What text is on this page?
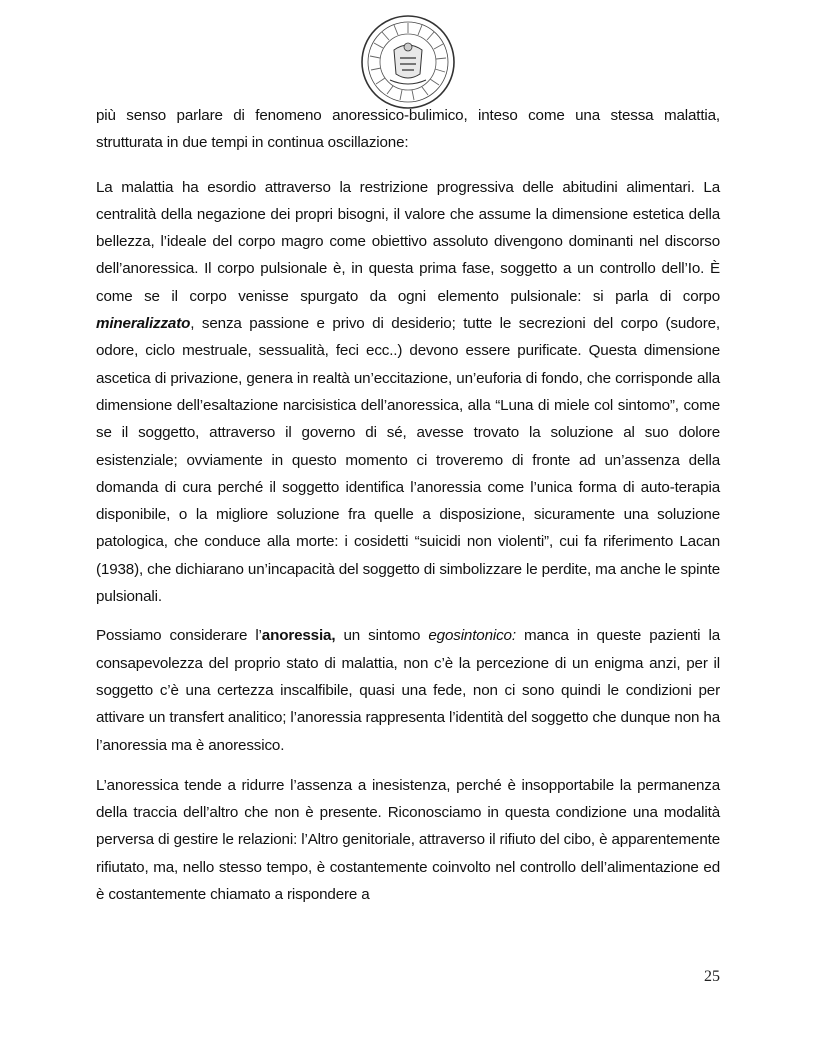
più senso parlare di fenomeno anoressico-bulimico, inteso come una stessa malattia, strutturata in due tempi in continua oscillazione:

La malattia ha esordio attraverso la restrizione progressiva delle abitudini alimentari. La centralità della negazione dei propri bisogni, il valore che assume la dimensione estetica della bellezza, l’ideale del corpo magro come obiettivo assoluto divengono dominanti nel discorso dell’anoressica. Il corpo pulsionale è, in questa prima fase, soggetto a un controllo dell’Io. È come se il corpo venisse spurgato da ogni elemento pulsionale: si parla di corpo mineralizzato, senza passione e privo di desiderio; tutte le secrezioni del corpo (sudore, odore, ciclo mestruale, sessualità, feci ecc..) devono essere purificate. Questa dimensione ascetica di privazione, genera in realtà un’eccitazione, un’euforia di fondo, che corrisponde alla dimensione dell’esaltazione narcisistica dell’anoressica, alla “Luna di miele col sintomo”, come se il soggetto, attraverso il governo di sé, avesse trovato la soluzione al suo dolore esistenziale; ovviamente in questo momento ci troveremo di fronte ad un’assenza della domanda di cura perché il soggetto identifica l’anoressia come l’unica forma di auto-terapia disponibile, o la migliore soluzione fra quelle a disposizione, sicuramente una soluzione patologica, che conduce alla morte: i cosidetti “suicidi non violenti”, cui fa riferimento Lacan (1938), che dichiarano un’incapacità del soggetto di simbolizzare le perdite, ma anche le spinte pulsionali.

Possiamo considerare l’anoressia, un sintomo egosintonico: manca in queste pazienti la consapevolezza del proprio stato di malattia, non c’è la percezione di un enigma anzi, per il soggetto c’è una certezza inscalfibile, quasi una fede, non ci sono quindi le condizioni per attivare un transfert analitico; l’anoressia rappresenta l’identità del soggetto che dunque non ha l’anoressia ma è anoressico.

L’anoressica tende a ridurre l’assenza a inesistenza, perché è insopportabile la permanenza della traccia dell’altro che non è presente. Riconosciamo in questa condizione una modalità perversa di gestire le relazioni: l’Altro genitoriale, attraverso il rifiuto del cibo, è apparentemente rifiutato, ma, nello stesso tempo, è costantemente coinvolto nel controllo dell’alimentazione ed è costantemente chiamato a rispondere a

25
